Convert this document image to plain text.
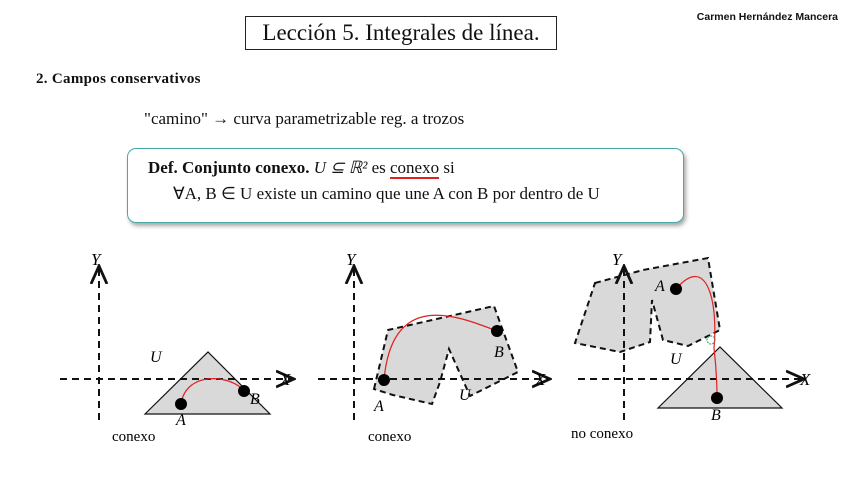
Lección 5. Integrales de línea.
Carmen Hernández Mancera
2. Campos conservativos
"camino" → curva parametrizable reg. a trozos
Def. Conjunto conexo. U ⊆ ℝ² es conexo si
∀A, B ∈ U existe un camino que une A con B por dentro de U
Y
X
U
A
B
conexo
Y
X
U
A
B
conexo
Y
X
U
A
B
no conexo
